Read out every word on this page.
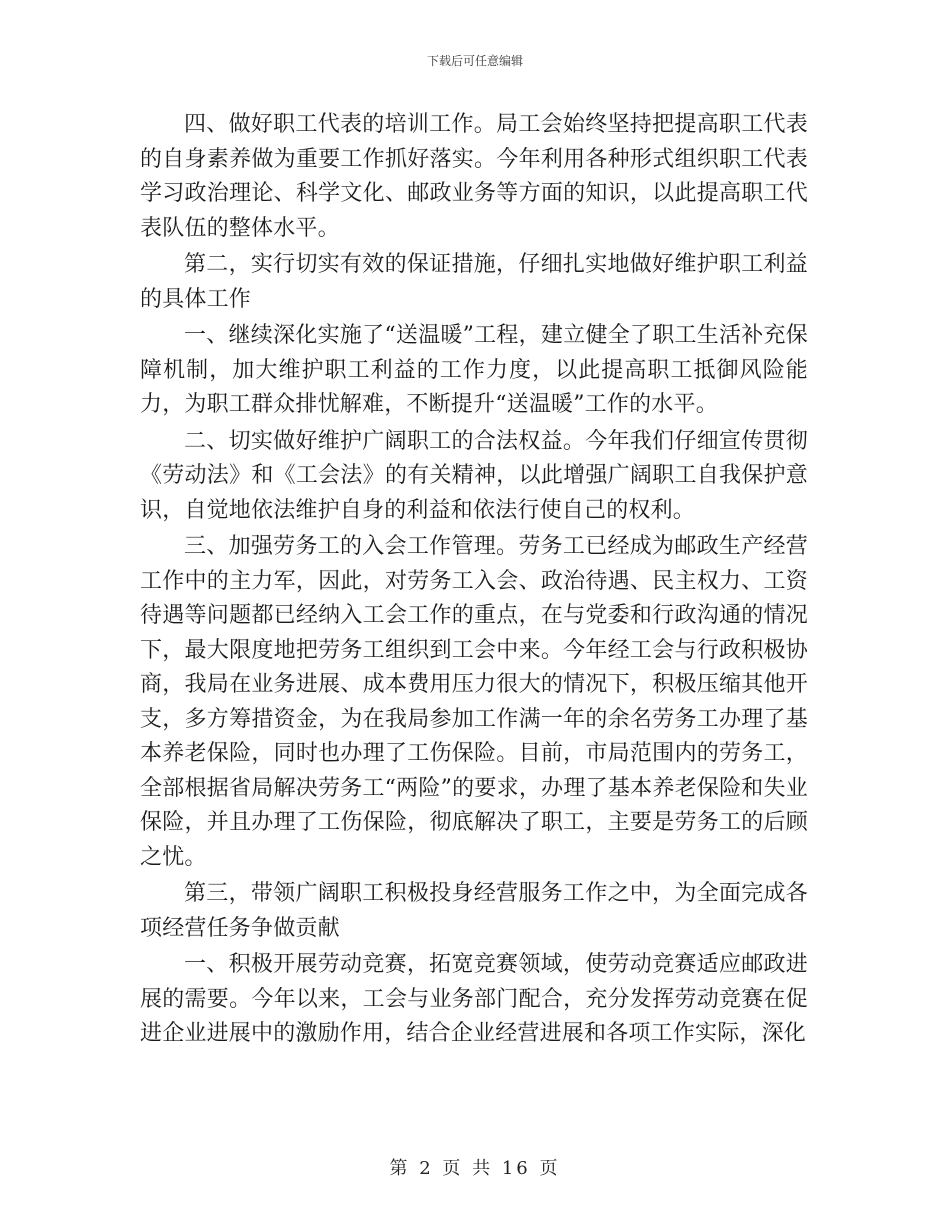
下载后可任意编辑

四、做好职工代表的培训工作。局工会始终坚持把提高职工代表的自身素养做为重要工作抓好落实。今年利用各种形式组织职工代表学习政治理论、科学文化、邮政业务等方面的知识，以此提高职工代表队伍的整体水平。

第二，实行切实有效的保证措施，仔细扎实地做好维护职工利益的具体工作

一、继续深化实施了“送温暖”工程，建立健全了职工生活补充保障机制，加大维护职工利益的工作力度，以此提高职工抵御风险能力，为职工群众排忧解难，不断提升“送温暖”工作的水平。

二、切实做好维护广阔职工的合法权益。今年我们仔细宣传贯彻《劳动法》和《工会法》的有关精神，以此增强广阔职工自我保护意识，自觉地依法维护自身的利益和依法行使自己的权利。

三、加强劳务工的入会工作管理。劳务工已经成为邮政生产经营工作中的主力军，因此，对劳务工入会、政治待遇、民主权力、工资待遇等问题都已经纳入工会工作的重点，在与党委和行政沟通的情况下，最大限度地把劳务工组织到工会中来。今年经工会与行政积极协商，我局在业务进展、成本费用压力很大的情况下，积极压缩其他开支，多方筹措资金，为在我局参加工作满一年的余名劳务工办理了基本养老保险，同时也办理了工伤保险。目前，市局范围内的劳务工，全部根据省局解决劳务工“两险”的要求，办理了基本养老保险和失业保险，并且办理了工伤保险，彻底解决了职工，主要是劳务工的后顾之忧。

第三，带领广阔职工积极投身经营服务工作之中，为全面完成各项经营任务争做贡献

一、积极开展劳动竞赛，拓宽竞赛领域，使劳动竞赛适应邮政进展的需要。今年以来，工会与业务部门配合，充分发挥劳动竞赛在促进企业进展中的激励作用，结合企业经营进展和各项工作实际，深化

第 2 页 共 16 页
